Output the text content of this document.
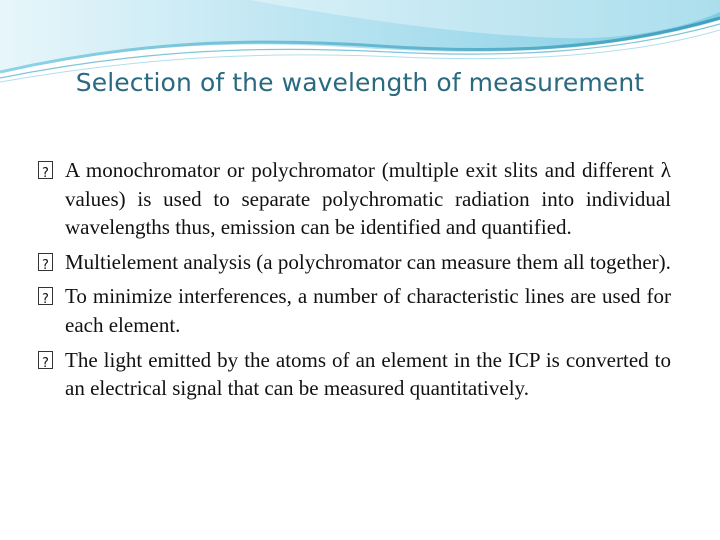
Selection of the wavelength of measurement

?A monochromator or polychromator (multiple exit slits and different λ values) is used to separate polychromatic radiation into individual wavelengths thus, emission can be identified and quantified.

?Multielement analysis (a polychromator can measure them all together).

?To minimize interferences, a number of characteristic lines are used for each element.

?The light emitted by the atoms of an element in the ICP is converted to an electrical signal that can be measured quantitatively.
